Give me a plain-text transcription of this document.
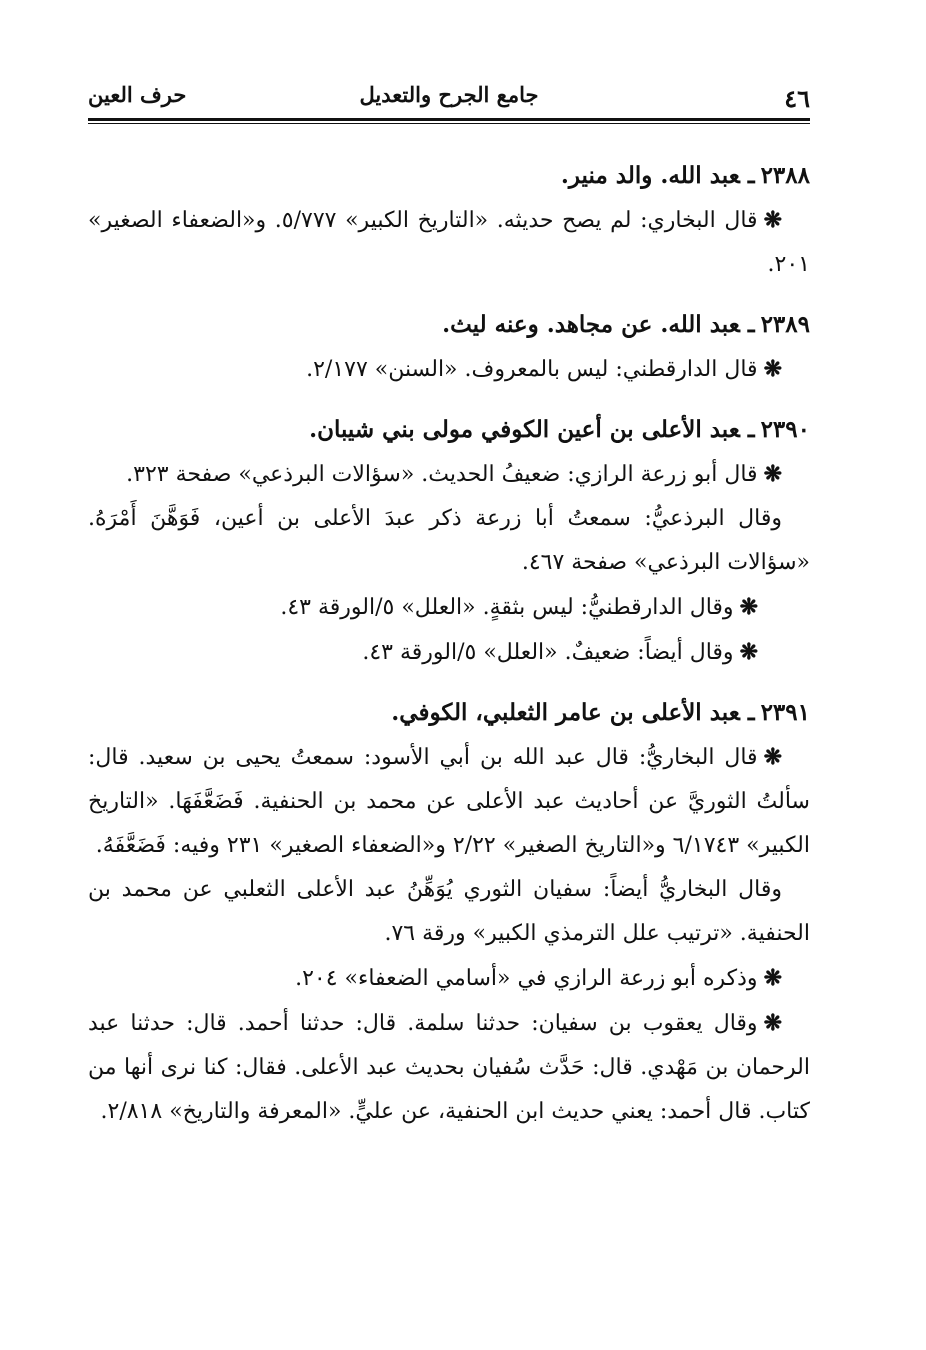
٤٦
جامع الجرح والتعديل
حرف العين
٢٣٨٨ـعبد الله. والد منير.
❋قال البخاري: لم يصح حديثه. «التاريخ الكبير» ٥/٧٧٧. و«الضعفاء الصغير» ٢٠١.
٢٣٨٩ـعبد الله. عن مجاهد. وعنه ليث.
❋قال الدارقطني: ليس بالمعروف. «السنن» ٢/١٧٧.
٢٣٩٠ـعبد الأعلى بن أعين الكوفي مولى بني شيبان.
❋قال أبو زرعة الرازي: ضعيفُ الحديث. «سؤالات البرذعي» صفحة ٣٢٣.
وقال البرذعيُّ: سمعتُ أبا زرعة ذكر عبدَ الأعلى بن أعين، فَوَهَّنَ أَمْرَهُ. «سؤالات البرذعي» صفحة ٤٦٧.
❋وقال الدارقطنيُّ: ليس بثقةٍ. «العلل» ٥/الورقة ٤٣.
❋وقال أيضاً: ضعيفٌ. «العلل» ٥/الورقة ٤٣.
٢٣٩١ـعبد الأعلى بن عامر الثعلبي، الكوفي.
❋قال البخاريُّ: قال عبد الله بن أبي الأسود: سمعتُ يحيى بن سعيد. قال: سألتُ الثوريَّ عن أحاديث عبد الأعلى عن محمد بن الحنفية. فَضَعَّفَهَا. «التاريخ الكبير» ٦/١٧٤٣ و«التاريخ الصغير» ٢/٢٢ و«الضعفاء الصغير» ٢٣١ وفيه: فَضَعَّفَهُ.
وقال البخاريُّ أيضاً: سفيان الثوري يُوَهِّنُ عبد الأعلى الثعلبي عن محمد بن الحنفية. «ترتيب علل الترمذي الكبير» ورقة ٧٦.
❋وذكره أبو زرعة الرازي في «أسامي الضعفاء» ٢٠٤.
❋وقال يعقوب بن سفيان: حدثنا سلمة. قال: حدثنا أحمد. قال: حدثنا عبد الرحمان بن مَهْدي. قال: حَدَّث سُفيان بحديث عبد الأعلى. فقال: كنا نرى أنها من كتاب. قال أحمد: يعني حديث ابن الحنفية، عن عليٍّ. «المعرفة والتاريخ» ٢/٨١٨.
